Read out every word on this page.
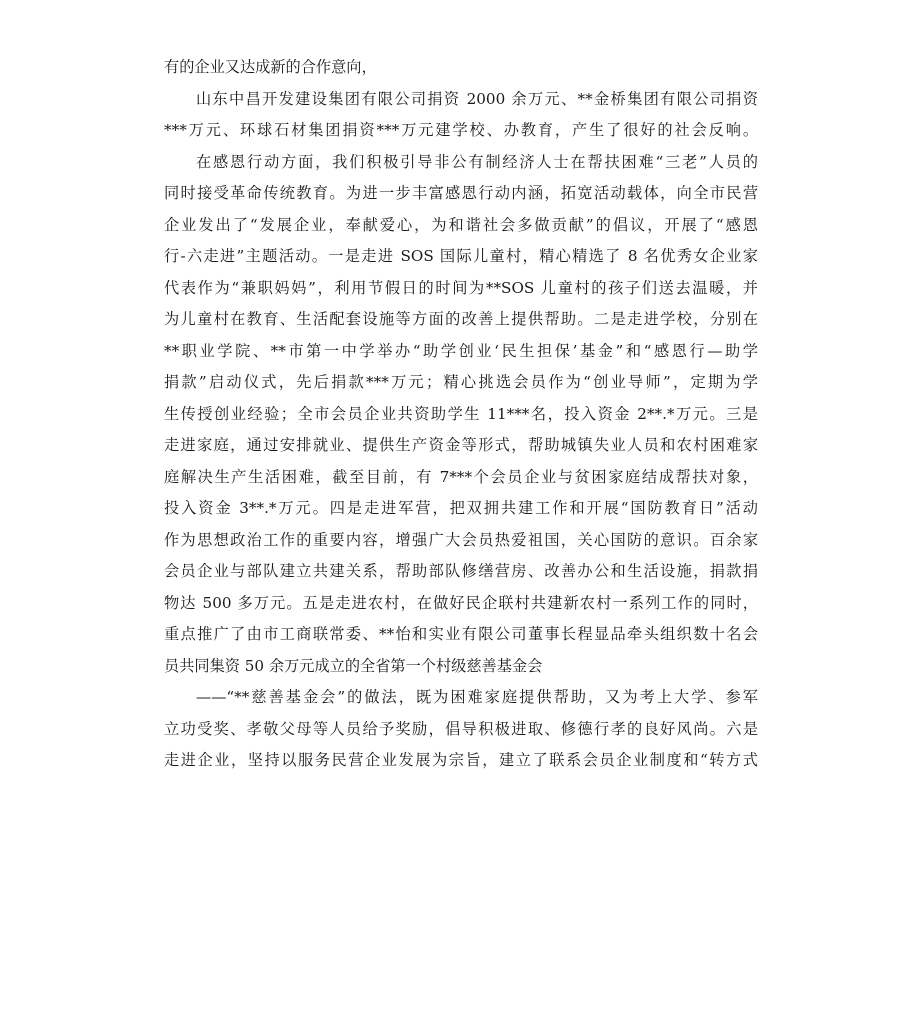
有的企业又达成新的合作意向，
山东中昌开发建设集团有限公司捐资 2000 余万元、**金桥集团有限公司捐资
***万元、环球石材集团捐资***万元建学校、办教育，产生了很好的社会反响。
在感恩行动方面，我们积极引导非公有制经济人士在帮扶困难“三老”人员的
同时接受革命传统教育。为进一步丰富感恩行动内涵，拓宽活动载体，向全市民营
企业发出了“发展企业，奉献爱心，为和谐社会多做贡献”的倡议，开展了“感恩
行-六走进”主题活动。一是走进 SOS 国际儿童村，精心精选了 8 名优秀女企业家
代表作为“兼职妈妈”，利用节假日的时间为**SOS 儿童村的孩子们送去温暖，并
为儿童村在教育、生活配套设施等方面的改善上提供帮助。二是走进学校，分别在
**职业学院、**市第一中学举办“助学创业‘民生担保’基金”和“感恩行—助学
捐款”启动仪式，先后捐款***万元；精心挑选会员作为“创业导师”，定期为学
生传授创业经验；全市会员企业共资助学生 11***名，投入资金 2**.*万元。三是
走进家庭，通过安排就业、提供生产资金等形式，帮助城镇失业人员和农村困难家
庭解决生产生活困难，截至目前，有 7***个会员企业与贫困家庭结成帮扶对象，
投入资金 3**.*万元。四是走进军营，把双拥共建工作和开展“国防教育日”活动
作为思想政治工作的重要内容，增强广大会员热爱祖国，关心国防的意识。百余家
会员企业与部队建立共建关系，帮助部队修缮营房、改善办公和生活设施，捐款捐
物达 500 多万元。五是走进农村，在做好民企联村共建新农村一系列工作的同时，
重点推广了由市工商联常委、**怡和实业有限公司董事长程显品牵头组织数十名会
员共同集资 50 余万元成立的全省第一个村级慈善基金会
——“**慈善基金会”的做法，既为困难家庭提供帮助，又为考上大学、参军
立功受奖、孝敬父母等人员给予奖励，倡导积极进取、修德行孝的良好风尚。六是
走进企业，坚持以服务民营企业发展为宗旨，建立了联系会员企业制度和“转方式
